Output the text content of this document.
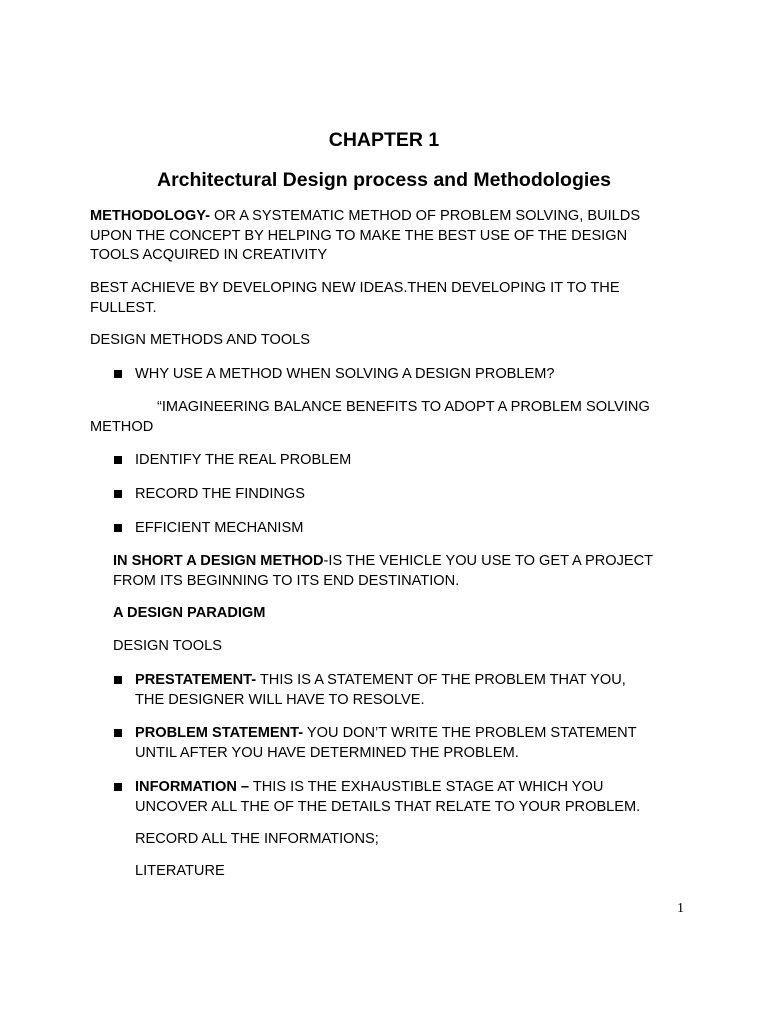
CHAPTER 1
Architectural Design process and Methodologies
METHODOLOGY- OR A SYSTEMATIC METHOD OF PROBLEM SOLVING, BUILDS
UPON THE CONCEPT BY HELPING TO MAKE THE BEST USE OF THE DESIGN
TOOLS ACQUIRED IN CREATIVITY
BEST ACHIEVE BY DEVELOPING NEW IDEAS.THEN DEVELOPING IT TO THE
FULLEST.
DESIGN METHODS AND TOOLS
WHY USE A METHOD WHEN SOLVING A DESIGN PROBLEM?
“IMAGINEERING BALANCE BENEFITS TO ADOPT A PROBLEM SOLVING
METHOD
IDENTIFY THE REAL PROBLEM
RECORD THE FINDINGS
EFFICIENT MECHANISM
IN SHORT A DESIGN METHOD-IS THE VEHICLE YOU USE TO GET A PROJECT
FROM ITS BEGINNING TO ITS END DESTINATION.
A DESIGN PARADIGM
DESIGN TOOLS
PRESTATEMENT- THIS IS A STATEMENT OF THE PROBLEM THAT YOU,
THE DESIGNER WILL HAVE TO RESOLVE.
PROBLEM STATEMENT- YOU DON’T WRITE THE PROBLEM STATEMENT
UNTIL AFTER YOU HAVE DETERMINED THE PROBLEM.
INFORMATION – THIS IS THE EXHAUSTIBLE STAGE AT WHICH YOU
UNCOVER ALL THE OF THE DETAILS THAT RELATE TO YOUR PROBLEM.
RECORD ALL THE INFORMATIONS;
LITERATURE
1
